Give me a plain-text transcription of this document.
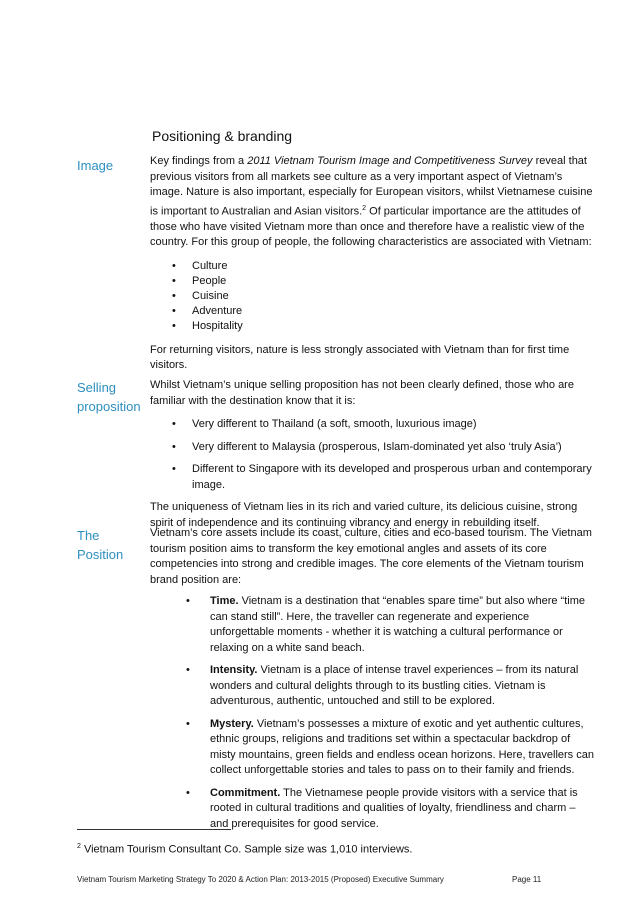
Positioning & branding
Image
Selling
proposition
The
Position

Key findings from a 2011 Vietnam Tourism Image and Competitiveness Survey reveal that previous visitors from all markets see culture as a very important aspect of Vietnam’s image. Nature is also important, especially for European visitors, whilst Vietnamese cuisine is important to Australian and Asian visitors.$^2$ Of particular importance are the attitudes of those who have visited Vietnam more than once and therefore have a realistic view of the country. For this group of people, the following characteristics are associated with Vietnam:

• Culture
• People
• Cuisine
• Adventure
• Hospitality

For returning visitors, nature is less strongly associated with Vietnam than for first time visitors.

Whilst Vietnam’s unique selling proposition has not been clearly defined, those who are familiar with the destination know that it is:

• Very different to Thailand (a soft, smooth, luxurious image)
• Very different to Malaysia (prosperous, Islam-dominated yet also ‘truly Asia’)
• Different to Singapore with its developed and prosperous urban and contemporary image.

The uniqueness of Vietnam lies in its rich and varied culture, its delicious cuisine, strong spirit of independence and its continuing vibrancy and energy in rebuilding itself.

Vietnam’s core assets include its coast, culture, cities and eco-based tourism. The Vietnam tourism position aims to transform the key emotional angles and assets of its core competencies into strong and credible images. The core elements of the Vietnam tourism brand position are:

• Time. Vietnam is a destination that “enables spare time” but also where “time can stand still”. Here, the traveller can regenerate and experience unforgettable moments - whether it is watching a cultural performance or relaxing on a white sand beach.
• Intensity. Vietnam is a place of intense travel experiences – from its natural wonders and cultural delights through to its bustling cities. Vietnam is adventurous, authentic, untouched and still to be explored.
• Mystery. Vietnam’s possesses a mixture of exotic and yet authentic cultures, ethnic groups, religions and traditions set within a spectacular backdrop of misty mountains, green fields and endless ocean horizons. Here, travellers can collect unforgettable stories and tales to pass on to their family and friends.
• Commitment. The Vietnamese people provide visitors with a service that is rooted in cultural traditions and qualities of loyalty, friendliness and charm – and prerequisites for good service.
$^2$ Vietnam Tourism Consultant Co. Sample size was 1,010 interviews.
Vietnam Tourism Marketing Strategy To 2020 & Action Plan: 2013-2015 (Proposed) Executive Summary	Page 11
